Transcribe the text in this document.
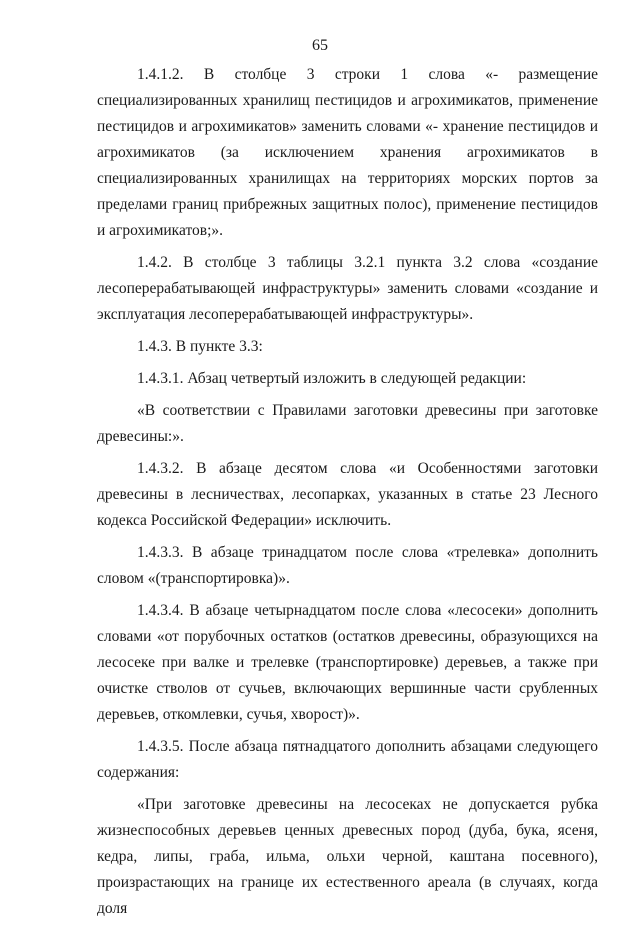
65

1.4.1.2. В столбце 3 строки 1 слова «- размещение специализированных хранилищ пестицидов и агрохимикатов, применение пестицидов и агрохимикатов» заменить словами «- хранение пестицидов и агрохимикатов (за исключением хранения агрохимикатов в специализированных хранилищах на территориях морских портов за пределами границ прибрежных защитных полос), применение пестицидов и агрохимикатов;».

1.4.2. В столбце 3 таблицы 3.2.1 пункта 3.2 слова «создание лесоперерабатывающей инфраструктуры» заменить словами «создание и эксплуатация лесоперерабатывающей инфраструктуры».

1.4.3. В пункте 3.3:

1.4.3.1. Абзац четвертый изложить в следующей редакции:

«В соответствии с Правилами заготовки древесины при заготовке древесины:».

1.4.3.2. В абзаце десятом слова «и Особенностями заготовки древесины в лесничествах, лесопарках, указанных в статье 23 Лесного кодекса Российской Федерации» исключить.

1.4.3.3. В абзаце тринадцатом после слова «трелевка» дополнить словом «(транспортировка)».

1.4.3.4. В абзаце четырнадцатом после слова «лесосеки» дополнить словами «от порубочных остатков (остатков древесины, образующихся на лесосеке при валке и трелевке (транспортировке) деревьев, а также при очистке стволов от сучьев, включающих вершинные части срубленных деревьев, откомлевки, сучья, хворост)».

1.4.3.5. После абзаца пятнадцатого дополнить абзацами следующего содержания:

«При заготовке древесины на лесосеках не допускается рубка жизнеспособных деревьев ценных древесных пород (дуба, бука, ясеня, кедра, липы, граба, ильма, ольхи черной, каштана посевного), произрастающих на границе их естественного ареала (в случаях, когда доля
